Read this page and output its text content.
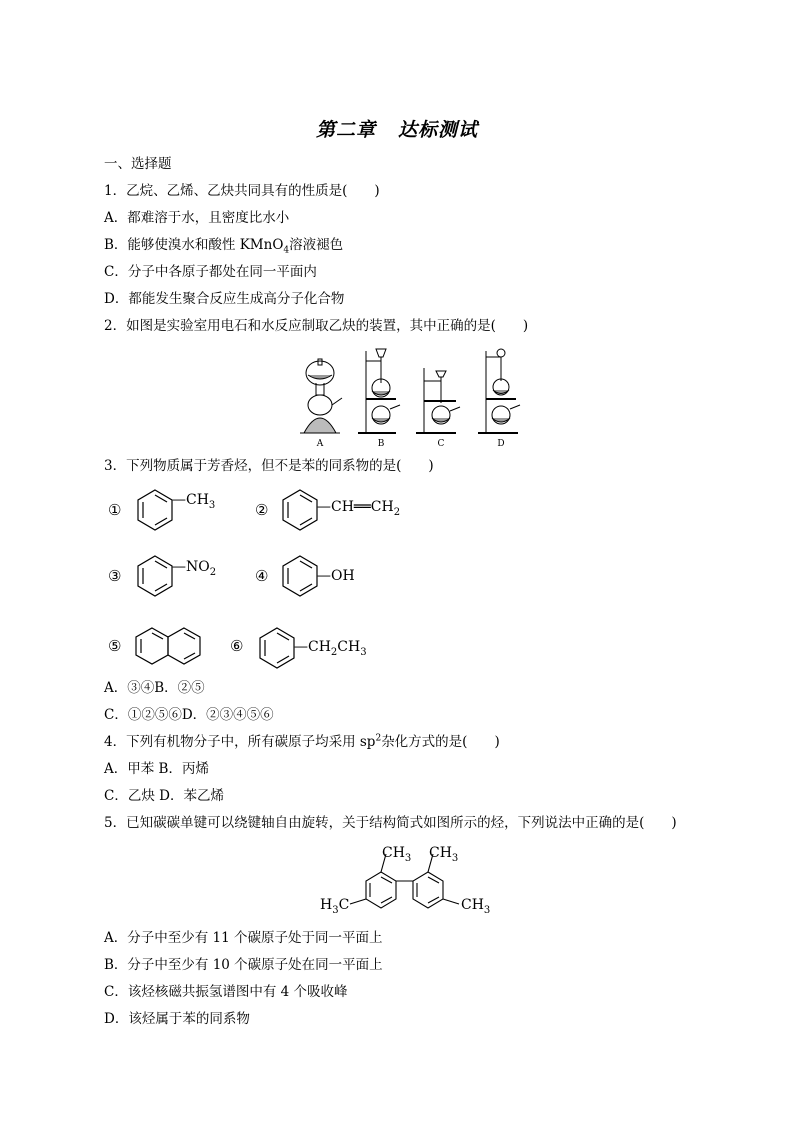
第二章 达标测试
一、选择题
1．乙烷、乙烯、乙炔共同具有的性质是(　　)
A．都难溶于水，且密度比水小
B．能够使溴水和酸性 KMnO$_4$溶液褪色
C．分子中各原子都处在同一平面内
D．都能发生聚合反应生成高分子化合物
2．如图是实验室用电石和水反应制取乙炔的装置，其中正确的是(　　)
A	B	C	D
3．下列物质属于芳香烃，但不是苯的同系物的是(　　)
①	②
③	④
⑤	⑥
$—CH_3$	$—CH══CH_2$
$—NO_2$	—OH
$—CH_2CH_3$
A．③④B．②⑤
C．①②⑤⑥D．②③④⑤⑥
4．下列有机物分子中，所有碳原子均采用 $sp^2$杂化方式的是(　　)
A．甲苯 B．丙烯
C．乙炔 D．苯乙烯
5．已知碳碳单键可以绕键轴自由旋转，关于结构简式如图所示的烃，下列说法中正确的是(　　)
$CH_3$ $CH_3$
$H_3C$	$CH_3$
A．分子中至少有 11 个碳原子处于同一平面上
B．分子中至少有 10 个碳原子处在同一平面上
C．该烃核磁共振氢谱图中有 4 个吸收峰
D．该烃属于苯的同系物
